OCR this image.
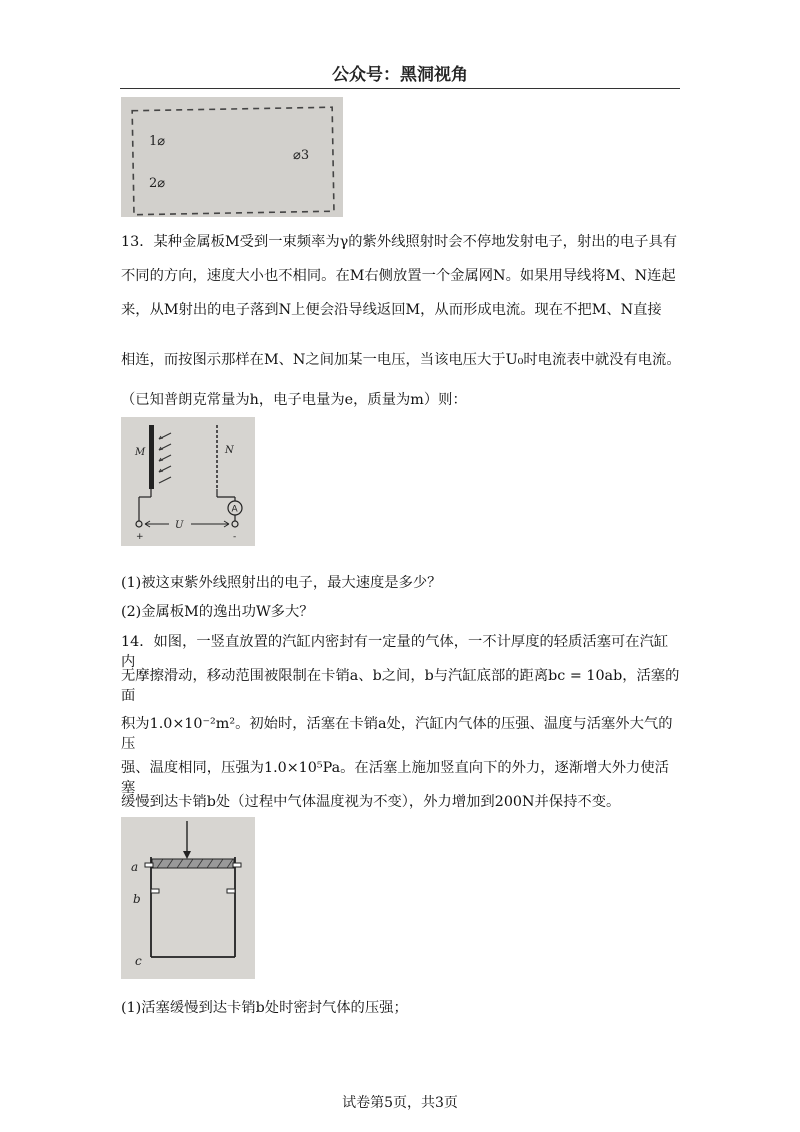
公众号：黑洞视角
1⌀
⌀3
2⌀
13．某种金属板M受到一束频率为γ的紫外线照射时会不停地发射电子，射出的电子具有
不同的方向，速度大小也不相同。在M右侧放置一个金属网N。如果用导线将M、N连起
来，从M射出的电子落到N上便会沿导线返回M，从而形成电流。现在不把M、N直接
相连，而按图示那样在M、N之间加某一电压，当该电压大于U₀时电流表中就没有电流。
（已知普朗克常量为h，电子电量为e，质量为m）则：
M	N
A
U
+	-
(1)被这束紫外线照射出的电子，最大速度是多少？
(2)金属板M的逸出功W多大？
14．如图，一竖直放置的汽缸内密封有一定量的气体，一不计厚度的轻质活塞可在汽缸内
无摩擦滑动，移动范围被限制在卡销a、b之间，b与汽缸底部的距离bc = 10ab，活塞的面
积为1.0×10⁻²m²。初始时，活塞在卡销a处，汽缸内气体的压强、温度与活塞外大气的压
强、温度相同，压强为1.0×10⁵Pa。在活塞上施加竖直向下的外力，逐渐增大外力使活塞
缓慢到达卡销b处（过程中气体温度视为不变），外力增加到200N并保持不变。
a
b
c
(1)活塞缓慢到达卡销b处时密封气体的压强；
试卷第5页，共3页
